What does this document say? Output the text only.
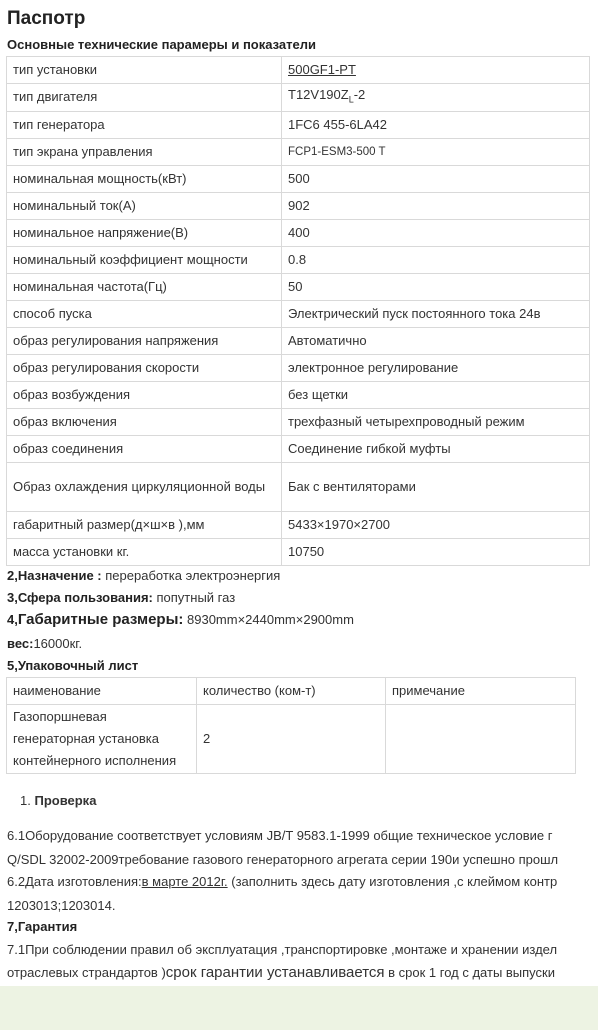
Паспотр
Основные технические парамеры и показатели
тип установки	500GF1-PT
тип двигателя	$T12V190Z_L-2$
тип генератора	1FC6 455-6LA42
тип экрана управления	FCP1-ESM3-500 T
номинальная мощность(кВт)	500
номинальный ток(А)	902
номинальное напряжение(В)	400
номинальный коэффициент мощности	0.8
номинальная частота(Гц)	50
способ пуска	Электрический пуск постоянного тока 24в
образ регулирования напряжения	Автоматично
образ регулирования скорости	электронное регулирование
образ возбуждения	без щетки
образ включения	трехфазный четырехпроводный режим
образ соединения	Соединение гибкой муфты
Образ охлаждения циркуляционной воды	Бак с вентиляторами
габаритный размер(д×ш×в ),мм	5433×1970×2700
масса установки кг.	10750
2,Назначение : переработка электроэнергия
3,Сфера пользования: попутный газ
4,Габаритные размеры: 8930mm×2440mm×2900mm
вес:16000кг.
5,Упаковочный лист
наименование	количество (ком-т)	примечание
Газопоршневая генераторная установка контейнерного исполнения	2	
1. Проверка
6.1Оборудование соответствует условиям JB/T 9583.1-1999 общие техническое условие г
Q/SDL 32002-2009требование газового генераторного агрегата серии 190и успешно прошл
6.2Дата изготовления:в марте 2012г. (заполнить здесь дату изготовления ,с клеймом контр
1203013;1203014.
7,Гарантия
7.1При соблюдении правил об эксплуатация ,транспортировке ,монтаже и хранении издел
отраслевых страндартов )срок гарантии устанавливается в срок 1 год с даты выпуски
